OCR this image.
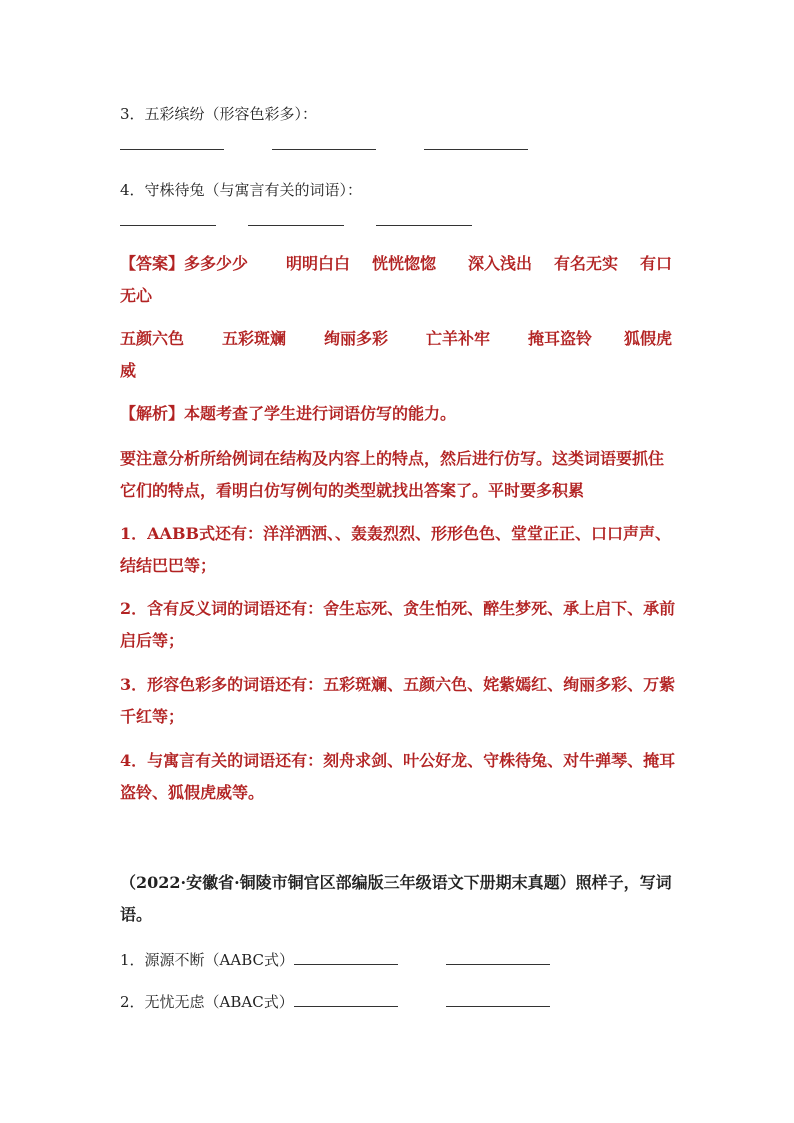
3．五彩缤纷（形容色彩多）：
4．守株待兔（与寓言有关的词语）：
【答案】多多少少 明明白白 恍恍惚惚 深入浅出 有名无实 有口
无心
五颜六色 五彩斑斓 绚丽多彩 亡羊补牢 掩耳盗铃 狐假虎
威
【解析】本题考查了学生进行词语仿写的能力。
要注意分析所给例词在结构及内容上的特点，然后进行仿写。这类词语要抓住它们的特点，看明白仿写例句的类型就找出答案了。平时要多积累
1．AABB式还有：洋洋洒洒、、轰轰烈烈、形形色色、堂堂正正、口口声声、结结巴巴等；
2．含有反义词的词语还有：舍生忘死、贪生怕死、醉生梦死、承上启下、承前启后等；
3．形容色彩多的词语还有：五彩斑斓、五颜六色、姹紫嫣红、绚丽多彩、万紫千红等；
4．与寓言有关的词语还有：刻舟求剑、叶公好龙、守株待兔、对牛弹琴、掩耳盗铃、狐假虎威等。
（2022·安徽省·铜陵市铜官区部编版三年级语文下册期末真题）照样子，写词语。
1．源源不断（AABC式）
2．无忧无虑（ABAC式）
